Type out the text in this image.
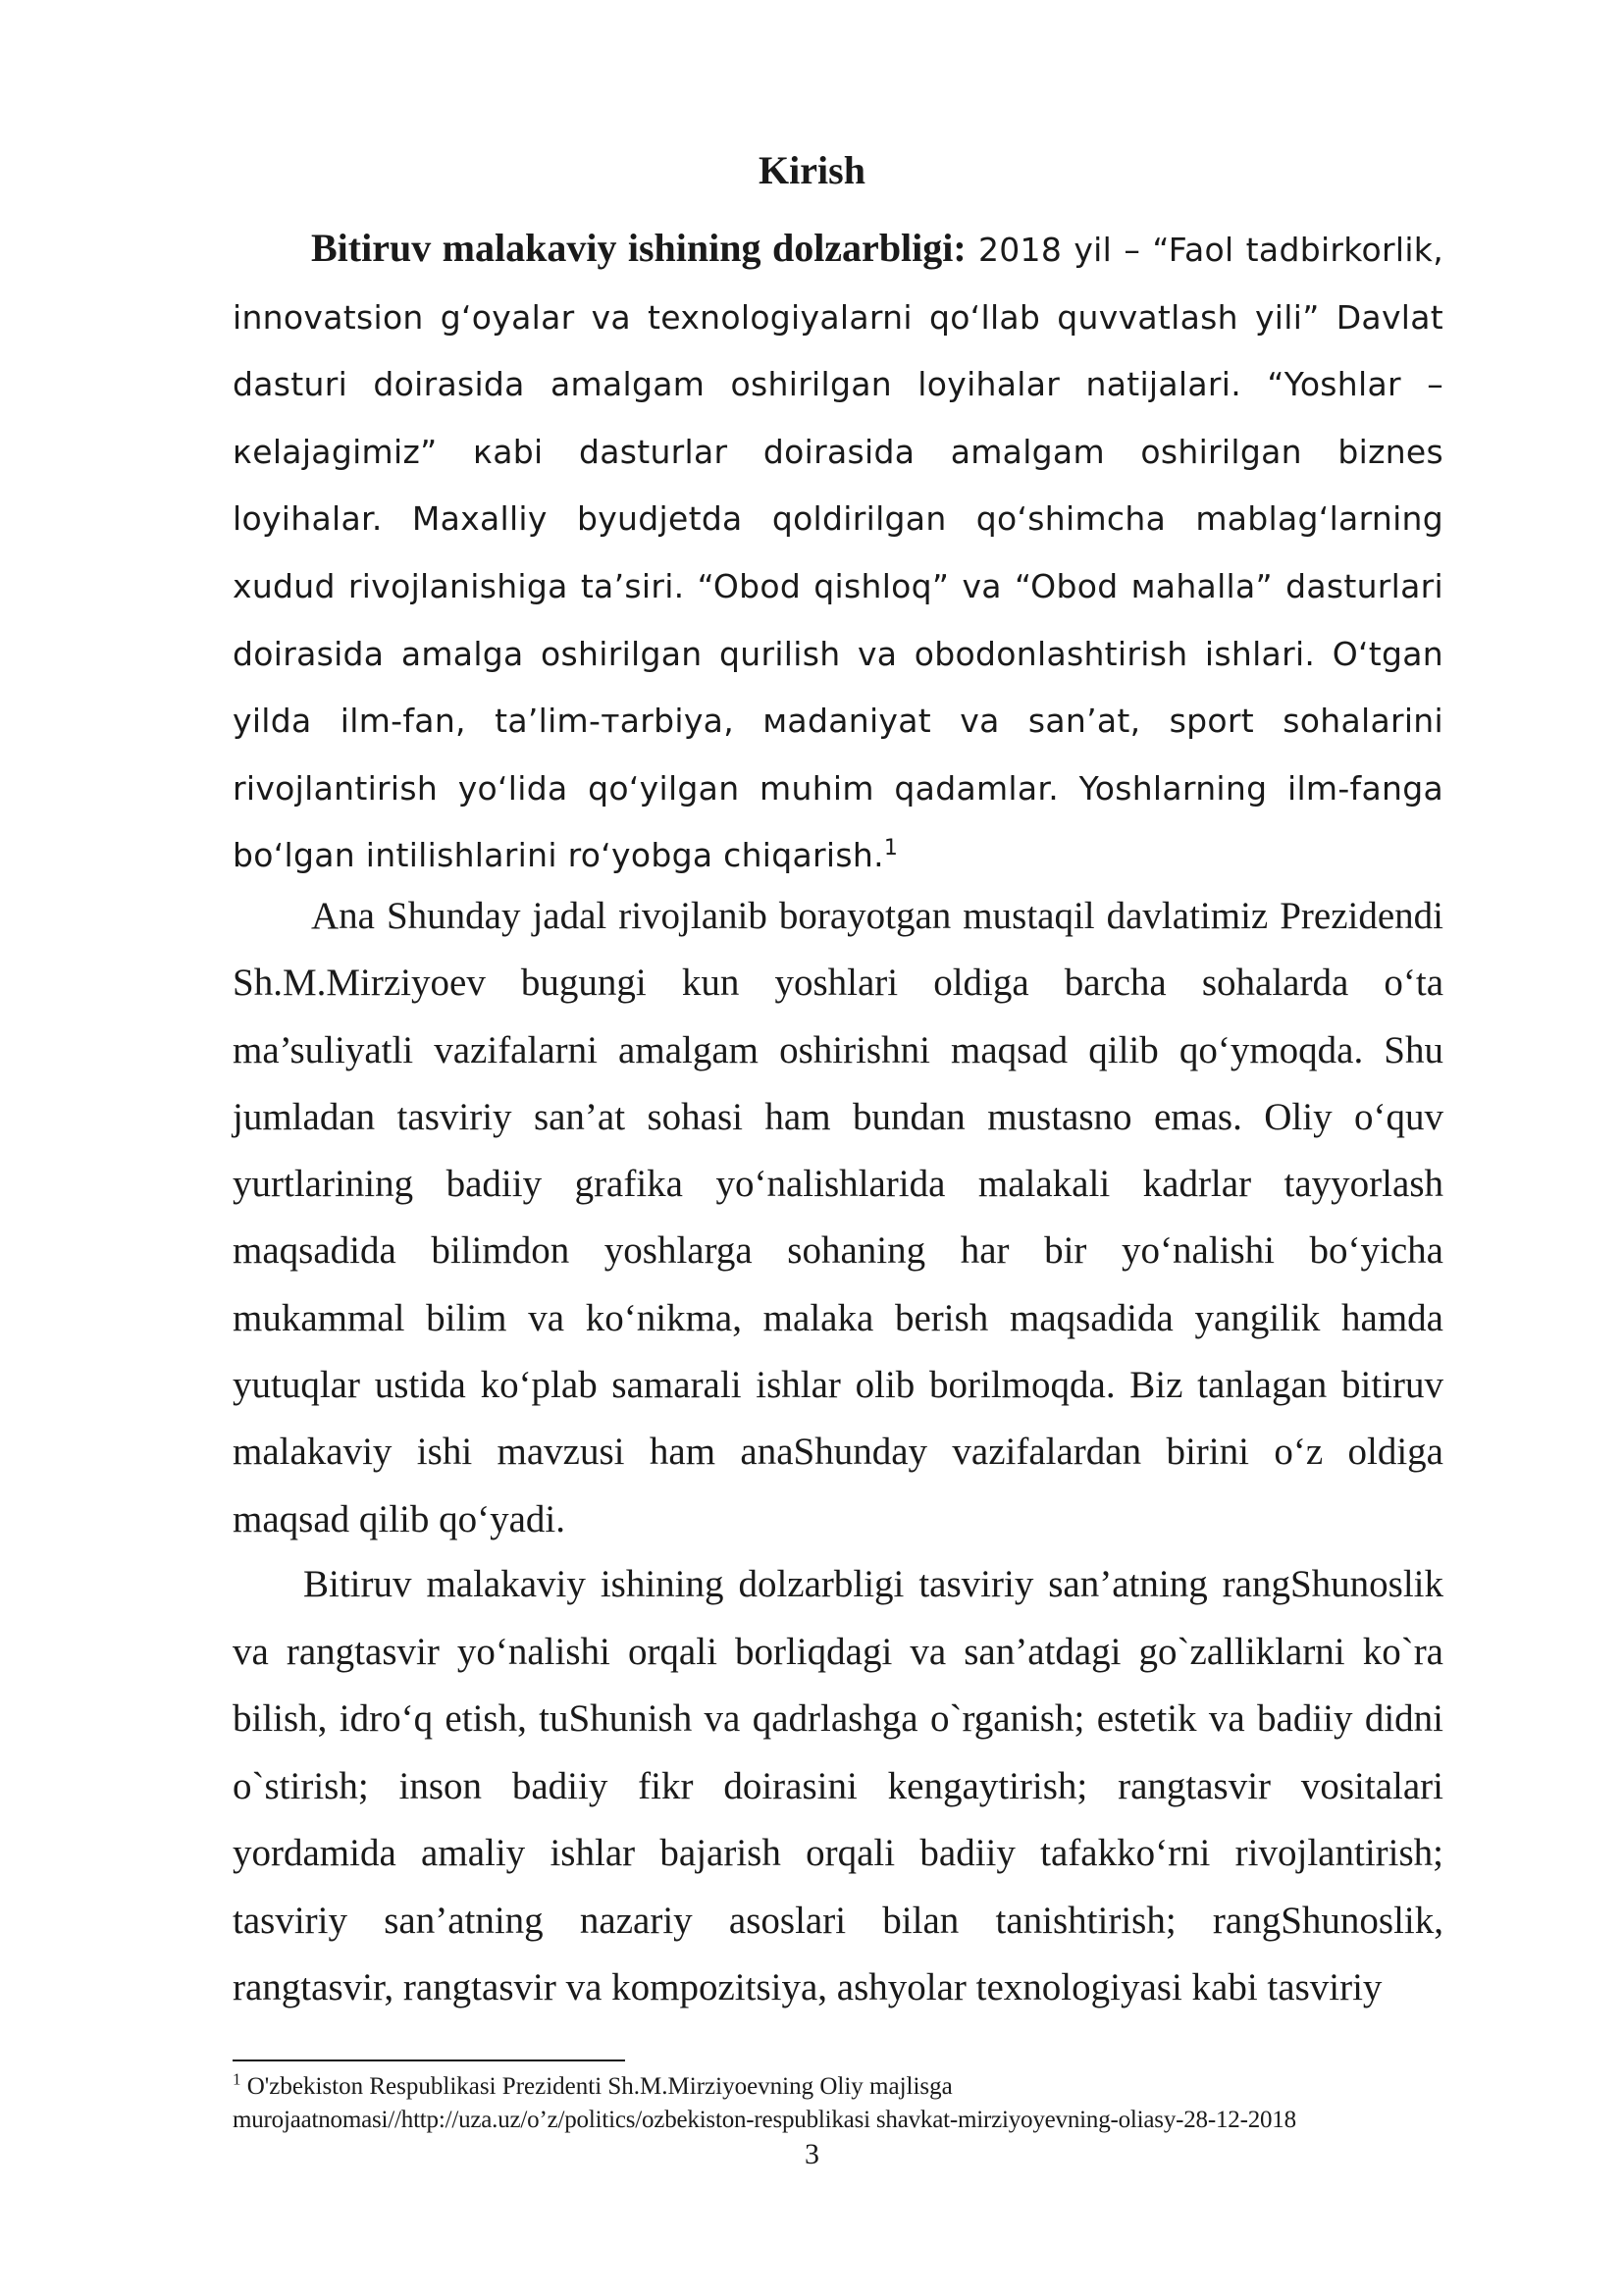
Kirish

Bitiruv malakaviy ishining dolzarbligi: 2018 yil – “Faol tadbirkorlik, innovatsion g‘oyalar va texnologiyalarni qo‘llab quvvatlash yili” Davlat dasturi doirasida amalgam oshirilgan loyihalar natijalari. “Yoshlar – кelajagimiz” кabi dasturlar doirasida amalgam oshirilgan biznes loyihalar. Maxalliy byudjetda qoldirilgan qo‘shimcha mablag‘larning xudud rivojlanishiga ta’siri. “Obod qishloq” va “Obod мahalla” dasturlari doirasida amalga oshirilgan qurilish va obodonlashtirish ishlari. O‘tgan yilda ilm-fan, ta’lim-тarbiya, мadaniyat va san’at, sport sohalarini rivojlantirish yo‘lida qo‘yilgan muhim qadamlar. Yoshlarning ilm-fanga bo‘lgan intilishlarini ro‘yobga chiqarish.$^1$

Ana Shunday jadal rivojlanib borayotgan mustaqil davlatimiz Prezidendi Sh.M.Mirziyoev bugungi kun yoshlari oldiga barcha sohalarda o‘ta ma’suliyatli vazifalarni amalgam oshirishni maqsad qilib qo‘ymoqda. Shu jumladan tasviriy san’at sohasi ham bundan mustasno emas. Oliy o‘quv yurtlarining badiiy grafika yo‘nalishlarida malakali kadrlar tayyorlash maqsadida bilimdon yoshlarga sohaning har bir yo‘nalishi bo‘yicha mukammal bilim va ko‘nikma, malaka berish maqsadida yangilik hamda yutuqlar ustida ko‘plab samarali ishlar olib borilmoqda. Biz tanlagan bitiruv malakaviy ishi mavzusi ham anaShunday vazifalardan birini o‘z oldiga maqsad qilib qo‘yadi.

Bitiruv malakaviy ishining dolzarbligi tasviriy san’atning rangShunoslik va rangtasvir yo‘nalishi orqali borliqdagi va san’atdagi go`zalliklarni ko`ra bilish, idro‘q etish, tuShunish va qadrlashga o`rganish; estetik va badiiy didni o`stirish; inson badiiy fikr doirasini kengaytirish; rangtasvir vositalari yordamida amaliy ishlar bajarish orqali badiiy tafakko‘rni rivojlantirish; tasviriy san’atning nazariy asoslari bilan tanishtirish; rangShunoslik, rangtasvir, rangtasvir va kompozitsiya, ashyolar texnologiyasi kabi tasviriy

$^1$ O'zbekiston Respublikasi Prezidenti Sh.M.Mirziyoevning Oliy majlisga
murojaatnomasi//http://uza.uz/o’z/politics/ozbekiston-respublikasi shavkat-mirziyoyevning-oliasy-28-12-2018
3
